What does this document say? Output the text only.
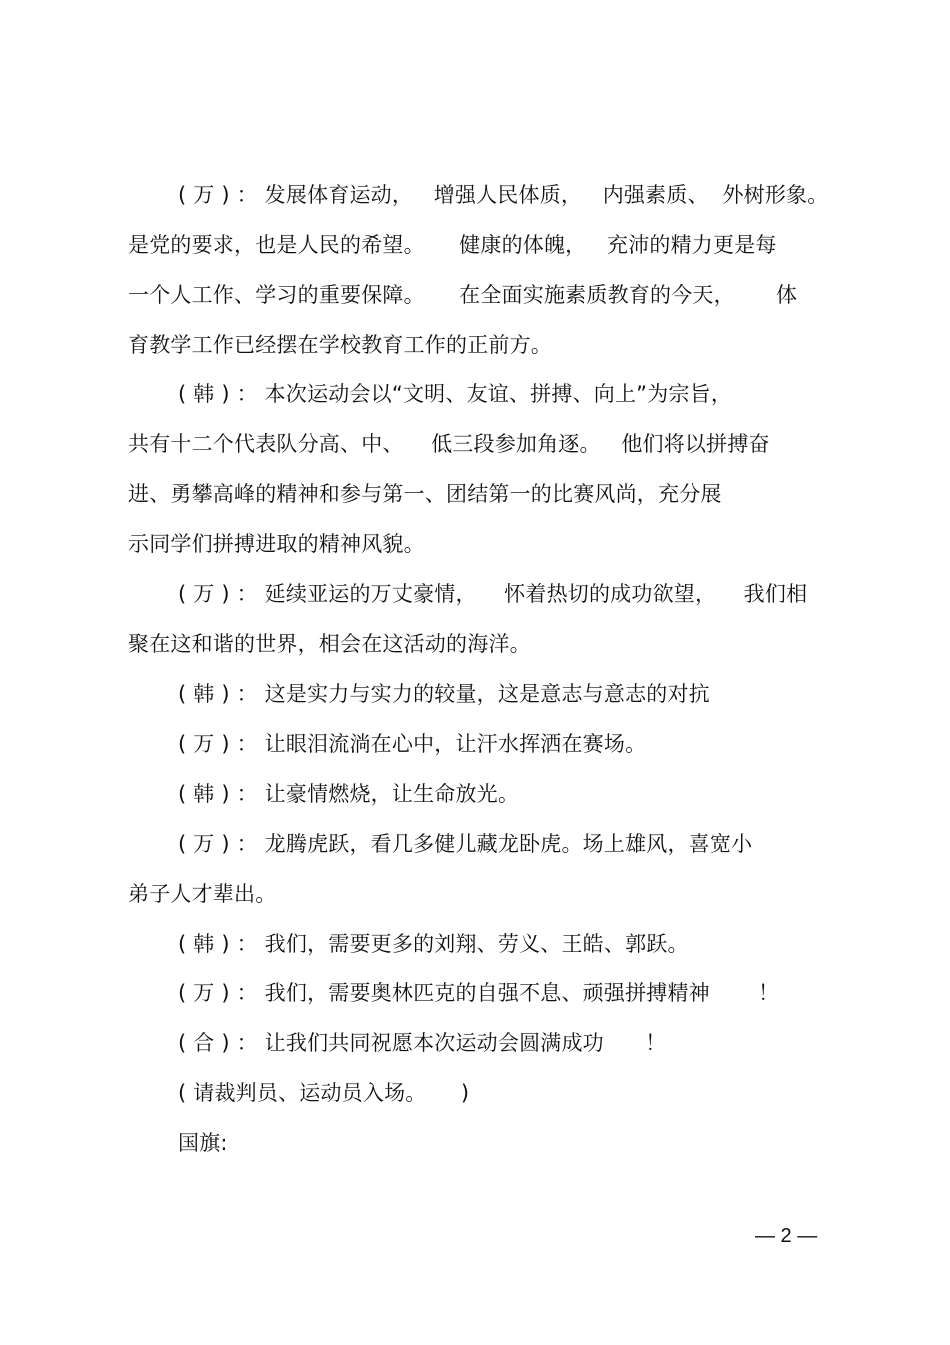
( 万 ) ： 发展体育运动，   增强人民体质，   内强素质、  外树形象。
是党的要求，也是人民的希望。     健康的体魄，   充沛的精力更是每
一个人工作、学习的重要保障。     在全面实施素质教育的今天，      体
育教学工作已经摆在学校教育工作的正前方。
( 韩 ) ： 本次运动会以“文明、友谊、拼搏、向上”为宗旨，
共有十二个代表队分高、中、    低三段参加角逐。   他们将以拼搏奋
进、勇攀高峰的精神和参与第一、团结第一的比赛风尚，充分展
示同学们拼搏进取的精神风貌。
( 万 ) ： 延续亚运的万丈豪情，    怀着热切的成功欲望，    我们相
聚在这和谐的世界，相会在这活动的海洋。
( 韩 ) ： 这是实力与实力的较量，这是意志与意志的对抗
( 万 ) ： 让眼泪流淌在心中，让汗水挥洒在赛场。
( 韩 ) ： 让豪情燃烧，让生命放光。
( 万 ) ： 龙腾虎跃，看几多健儿藏龙卧虎。场上雄风，喜宽小
弟子人才辈出。
( 韩 ) ： 我们，需要更多的刘翔、劳义、王皓、郭跃。
( 万 ) ： 我们，需要奥林匹克的自强不息、顽强拼搏精神       ！
( 合 ) ： 让我们共同祝愿本次运动会圆满成功      ！
( 请裁判员、运动员入场。     )
国旗:
— 2 —
